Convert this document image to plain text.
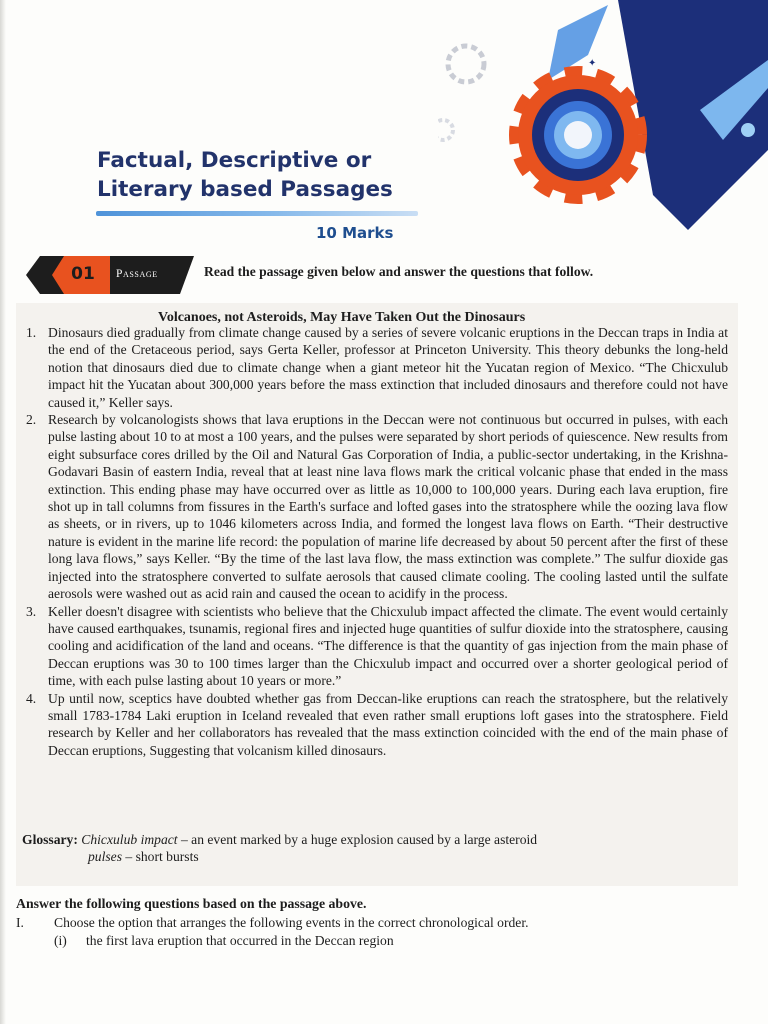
✦
Factual, Descriptive or
Literary based Passages
10 Marks
01	Passage	Read the passage given below and answer the questions that follow.
Volcanoes, not Asteroids, May Have Taken Out the Dinosaurs
1. Dinosaurs died gradually from climate change caused by a series of severe volcanic eruptions in the Deccan traps in India at the end of the Cretaceous period, says Gerta Keller, professor at Princeton University. This theory debunks the long-held notion that dinosaurs died due to climate change when a giant meteor hit the Yucatan region of Mexico. “The Chicxulub impact hit the Yucatan about 300,000 years before the mass extinction that included dinosaurs and therefore could not have caused it,” Keller says.
2. Research by volcanologists shows that lava eruptions in the Deccan were not continuous but occurred in pulses, with each pulse lasting about 10 to at most a 100 years, and the pulses were separated by short periods of quiescence. New results from eight subsurface cores drilled by the Oil and Natural Gas Corporation of India, a public-sector undertaking, in the Krishna-Godavari Basin of eastern India, reveal that at least nine lava flows mark the critical volcanic phase that ended in the mass extinction. This ending phase may have occurred over as little as 10,000 to 100,000 years. During each lava eruption, fire shot up in tall columns from fissures in the Earth's surface and lofted gases into the stratosphere while the oozing lava flow as sheets, or in rivers, up to 1046 kilometers across India, and formed the longest lava flows on Earth. “Their destructive nature is evident in the marine life record: the population of marine life decreased by about 50 percent after the first of these long lava flows,” says Keller. “By the time of the last lava flow, the mass extinction was complete.” The sulfur dioxide gas injected into the stratosphere converted to sulfate aerosols that caused climate cooling. The cooling lasted until the sulfate aerosols were washed out as acid rain and caused the ocean to acidify in the process.
3. Keller doesn't disagree with scientists who believe that the Chicxulub impact affected the climate. The event would certainly have caused earthquakes, tsunamis, regional fires and injected huge quantities of sulfur dioxide into the stratosphere, causing cooling and acidification of the land and oceans. “The difference is that the quantity of gas injection from the main phase of Deccan eruptions was 30 to 100 times larger than the Chicxulub impact and occurred over a shorter geological period of time, with each pulse lasting about 10 years or more.”
4. Up until now, sceptics have doubted whether gas from Deccan-like eruptions can reach the stratosphere, but the relatively small 1783-1784 Laki eruption in Iceland revealed that even rather small eruptions loft gases into the stratosphere. Field research by Keller and her collaborators has revealed that the mass extinction coincided with the end of the main phase of Deccan eruptions, Suggesting that volcanism killed dinosaurs.
Glossary: Chicxulub impact – an event marked by a huge explosion caused by a large asteroid
pulses – short bursts
Answer the following questions based on the passage above.
I. Choose the option that arranges the following events in the correct chronological order.
(i) the first lava eruption that occurred in the Deccan region
